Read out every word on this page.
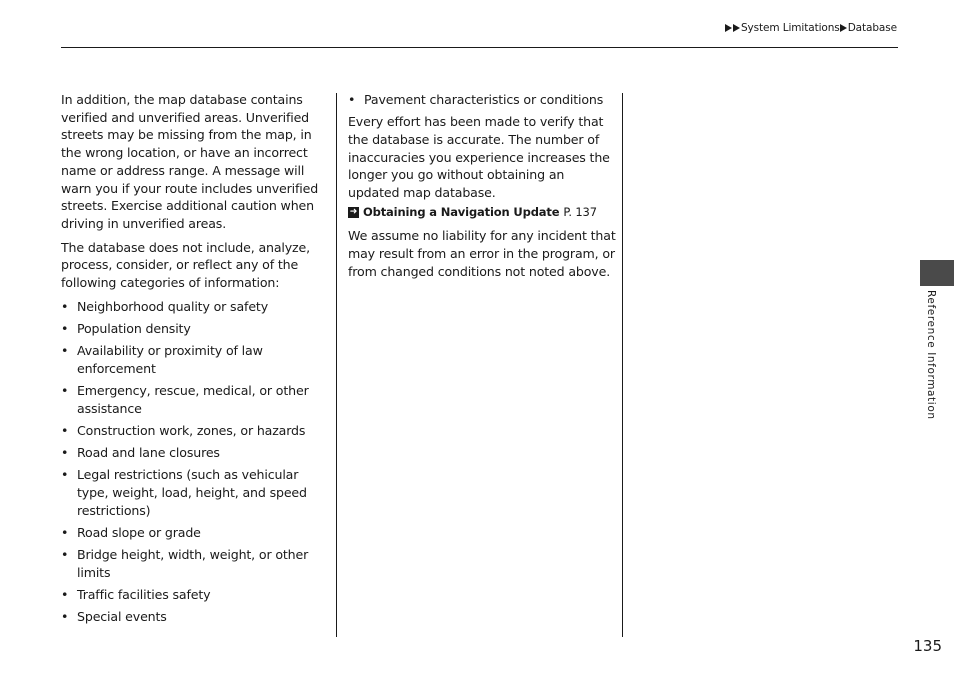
System Limitations Database

In addition, the map database contains verified and unverified areas. Unverified streets may be missing from the map, in the wrong location, or have an incorrect name or address range. A message will warn you if your route includes unverified streets. Exercise additional caution when driving in unverified areas.

The database does not include, analyze, process, consider, or reflect any of the following categories of information:

• Neighborhood quality or safety
• Population density
• Availability or proximity of law enforcement
• Emergency, rescue, medical, or other assistance
• Construction work, zones, or hazards
• Road and lane closures
• Legal restrictions (such as vehicular type, weight, load, height, and speed restrictions)
• Road slope or grade
• Bridge height, width, weight, or other limits
• Traffic facilities safety
• Special events
• Pavement characteristics or conditions

Every effort has been made to verify that the database is accurate. The number of inaccuracies you experience increases the longer you go without obtaining an updated map database.

➜ Obtaining a Navigation Update P. 137

We assume no liability for any incident that may result from an error in the program, or from changed conditions not noted above.

Reference Information
135
